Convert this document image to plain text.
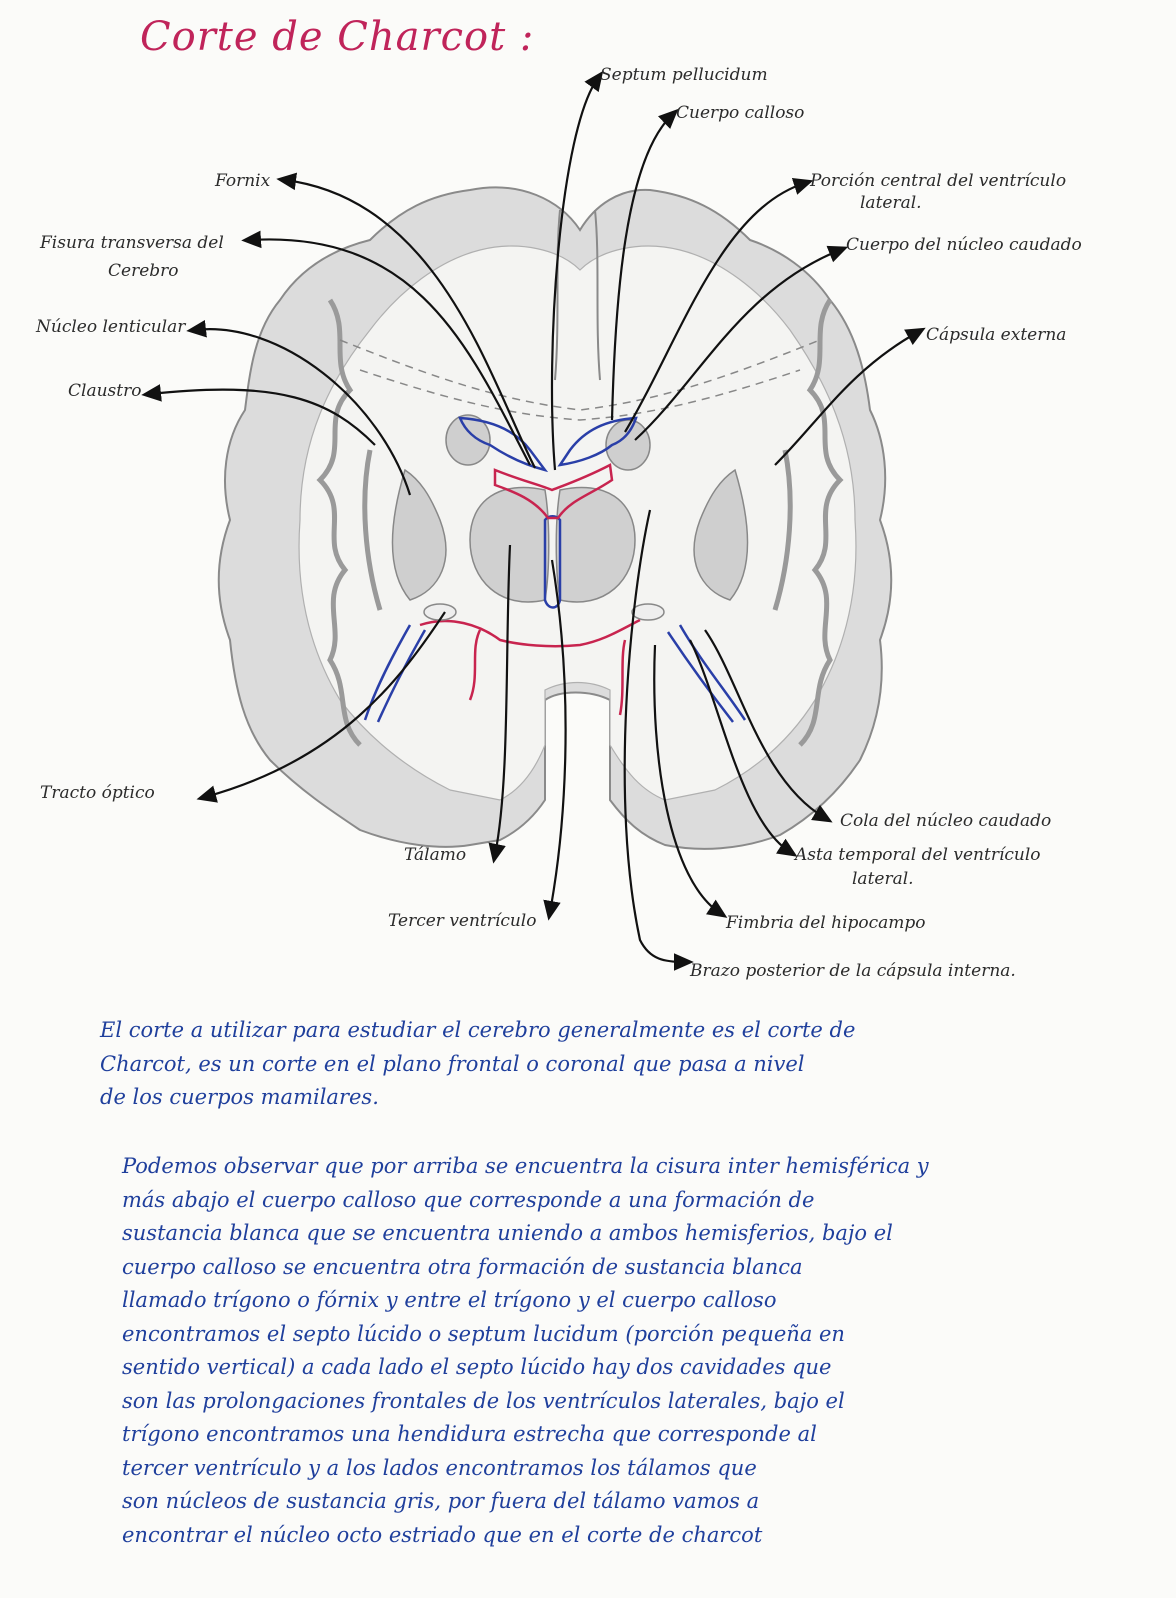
Corte de Charcot :
Septum pellucidum
Cuerpo calloso
Porción central del ventrículo
lateral.
Cuerpo del núcleo caudado
Cápsula externa
Fornix
Fisura transversa del
Cerebro
Núcleo lenticular
Claustro
Tracto óptico
Tálamo
Tercer ventrículo
Cola del núcleo caudado
Asta temporal del ventrículo
lateral.
Fimbria del hipocampo
Brazo posterior de la cápsula interna.
El corte a utilizar para estudiar el cerebro generalmente es el corte de
Charcot, es un corte en el plano frontal o coronal que pasa a nivel
de los cuerpos mamilares.
Podemos observar que por arriba se encuentra la cisura inter hemisférica y
más abajo el cuerpo calloso que corresponde a una formación de
sustancia blanca que se encuentra uniendo a ambos hemisferios, bajo el
cuerpo calloso se encuentra otra formación de sustancia blanca
llamado trígono o fórnix y entre el trígono y el cuerpo calloso
encontramos el septo lúcido o septum lucidum (porción pequeña en
sentido vertical) a cada lado el septo lúcido hay dos cavidades que
son las prolongaciones frontales de los ventrículos laterales, bajo el
trígono encontramos una hendidura estrecha que corresponde al
tercer ventrículo y a los lados encontramos los tálamos que
son núcleos de sustancia gris, por fuera del tálamo vamos a
encontrar el núcleo octo estriado que en el corte de charcot
